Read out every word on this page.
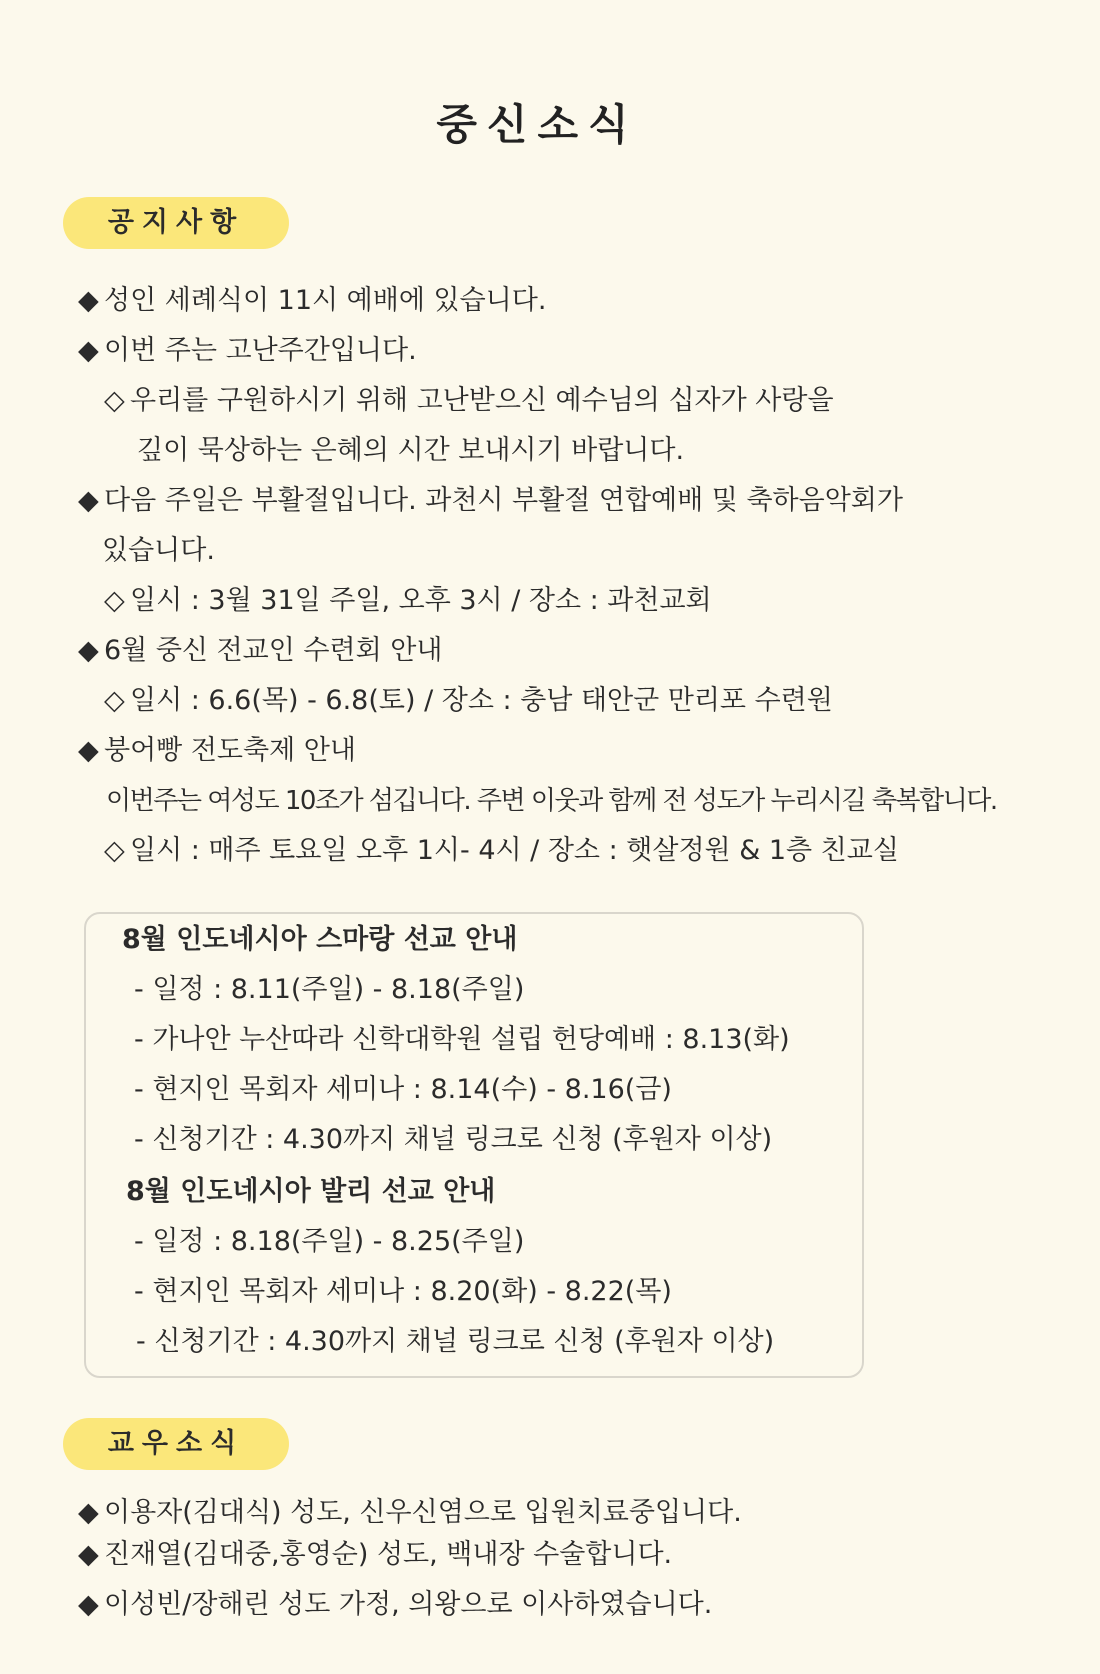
중신소식
공지사항
◆ 성인 세례식이 11시 예배에 있습니다.
◆ 이번 주는 고난주간입니다.
◇ 우리를 구원하시기 위해 고난받으신 예수님의 십자가 사랑을
깊이 묵상하는 은혜의 시간 보내시기 바랍니다.
◆ 다음 주일은 부활절입니다. 과천시 부활절 연합예배 및 축하음악회가
있습니다.
◇ 일시 : 3월 31일 주일, 오후 3시 / 장소 : 과천교회
◆ 6월 중신 전교인 수련회 안내
◇ 일시 : 6.6(목) - 6.8(토) / 장소 : 충남 태안군 만리포 수련원
◆ 붕어빵 전도축제 안내
이번주는 여성도 10조가 섬깁니다. 주변 이웃과 함께 전 성도가 누리시길 축복합니다.
◇ 일시 : 매주 토요일 오후 1시- 4시 / 장소 : 햇살정원 & 1층 친교실
8월 인도네시아 스마랑 선교 안내
- 일정 : 8.11(주일) - 8.18(주일)
- 가나안 누산따라 신학대학원 설립 헌당예배 : 8.13(화)
- 현지인 목회자 세미나 : 8.14(수) - 8.16(금)
- 신청기간 : 4.30까지 채널 링크로 신청 (후원자 이상)
8월 인도네시아 발리 선교 안내
- 일정 : 8.18(주일) - 8.25(주일)
- 현지인 목회자 세미나 : 8.20(화) - 8.22(목)
- 신청기간 : 4.30까지 채널 링크로 신청 (후원자 이상)
교우소식
◆ 이용자(김대식) 성도, 신우신염으로 입원치료중입니다.
◆ 진재열(김대중,홍영순) 성도, 백내장 수술합니다.
◆ 이성빈/장해린 성도 가정, 의왕으로 이사하였습니다.
